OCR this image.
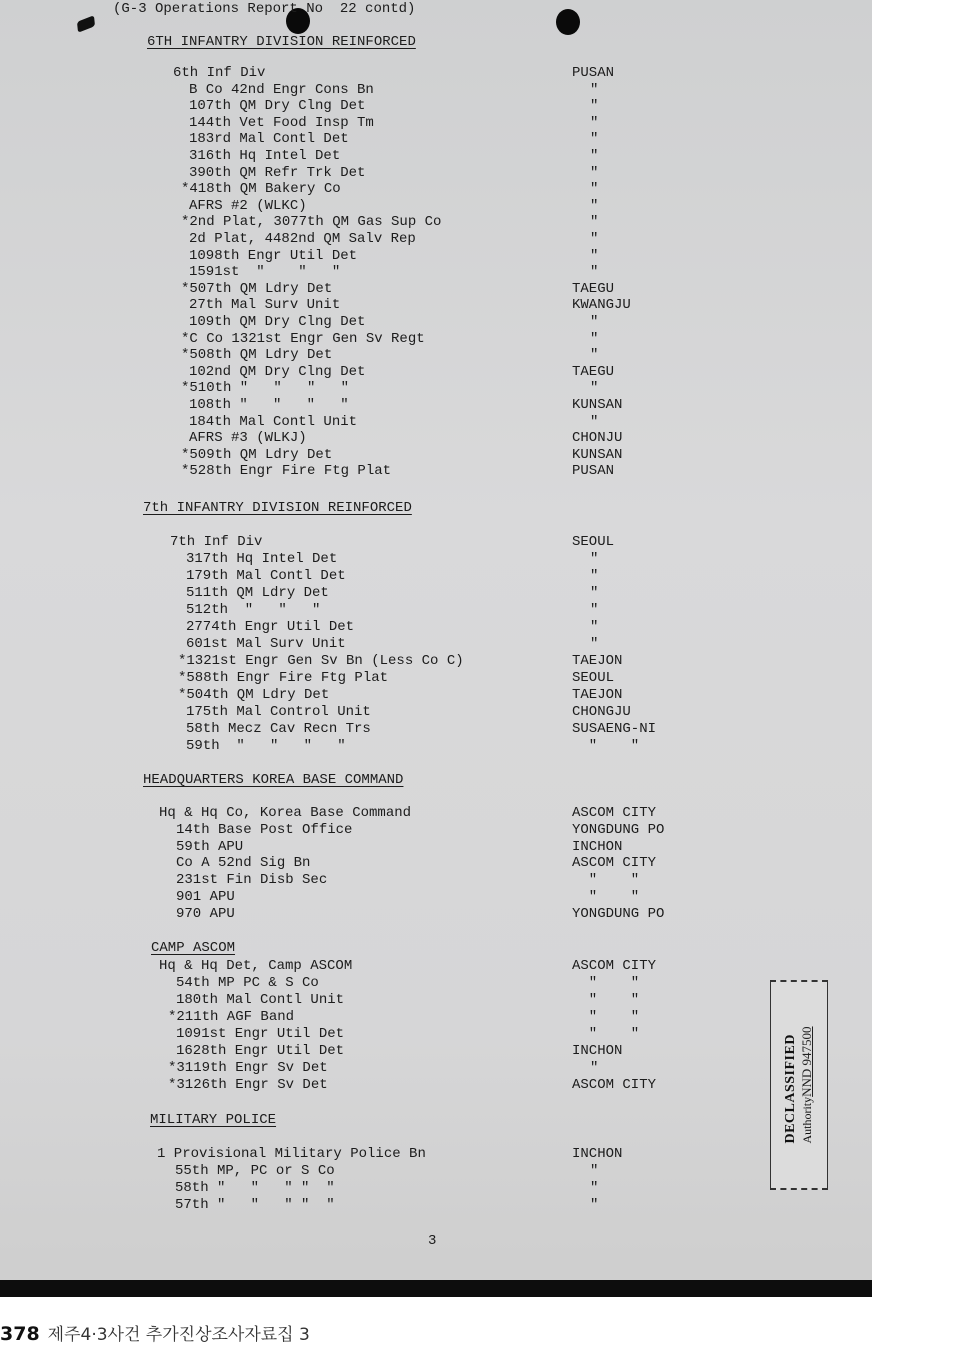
(G-3 Operations Report No  22 contd)
6TH INFANTRY DIVISION REINFORCED
6th Inf Div	PUSAN
B Co 42nd Engr Cons Bn	"
107th QM Dry Clng Det	"
144th Vet Food Insp Tm	"
183rd Mal Contl Det	"
316th Hq Intel Det	"
390th QM Refr Trk Det	"
*418th QM Bakery Co	"
AFRS #2 (WLKC)	"
*2nd Plat, 3077th QM Gas Sup Co	"
2d Plat, 4482nd QM Salv Rep	"
1098th Engr Util Det	"
1591st  "    "   "	"
*507th QM Ldry Det	TAEGU
27th Mal Surv Unit	KWANGJU
109th QM Dry Clng Det	"
*C Co 1321st Engr Gen Sv Regt	"
*508th QM Ldry Det	"
102nd QM Dry Clng Det	TAEGU
*510th "   "   "   "	"
108th "   "   "   "	KUNSAN
184th Mal Contl Unit	"
AFRS #3 (WLKJ)	CHONJU
*509th QM Ldry Det	KUNSAN
*528th Engr Fire Ftg Plat	PUSAN
7th INFANTRY DIVISION REINFORCED
7th Inf Div	SEOUL
317th Hq Intel Det	"
179th Mal Contl Det	"
511th QM Ldry Det	"
512th  "   "   "	"
2774th Engr Util Det	"
601st Mal Surv Unit	"
*1321st Engr Gen Sv Bn (Less Co C)	TAEJON
*588th Engr Fire Ftg Plat	SEOUL
*504th QM Ldry Det	TAEJON
175th Mal Control Unit	CHONGJU
58th Mecz Cav Recn Trs	SUSAENG-NI
59th  "   "   "   "	"    "
HEADQUARTERS KOREA BASE COMMAND
Hq & Hq Co, Korea Base Command	ASCOM CITY
14th Base Post Office	YONGDUNG PO
59th APU	INCHON
Co A 52nd Sig Bn	ASCOM CITY
231st Fin Disb Sec	"    "
901 APU	"    "
970 APU	YONGDUNG PO
CAMP ASCOM
Hq & Hq Det, Camp ASCOM	ASCOM CITY
54th MP PC & S Co	"    "
180th Mal Contl Unit	"    "
*211th AGF Band	"    "
1091st Engr Util Det	"    "
1628th Engr Util Det	INCHON
*3119th Engr Sv Det	"
*3126th Engr Sv Det	ASCOM CITY
MILITARY POLICE
1 Provisional Military Police Bn	INCHON
55th MP, PC or S Co	"
58th "   "   " "  "	"
57th "   "   " "  "	"
3
DECLASSIFIED AuthorityNND 947500
378 제주4·3사건 추가진상조사자료집 3
